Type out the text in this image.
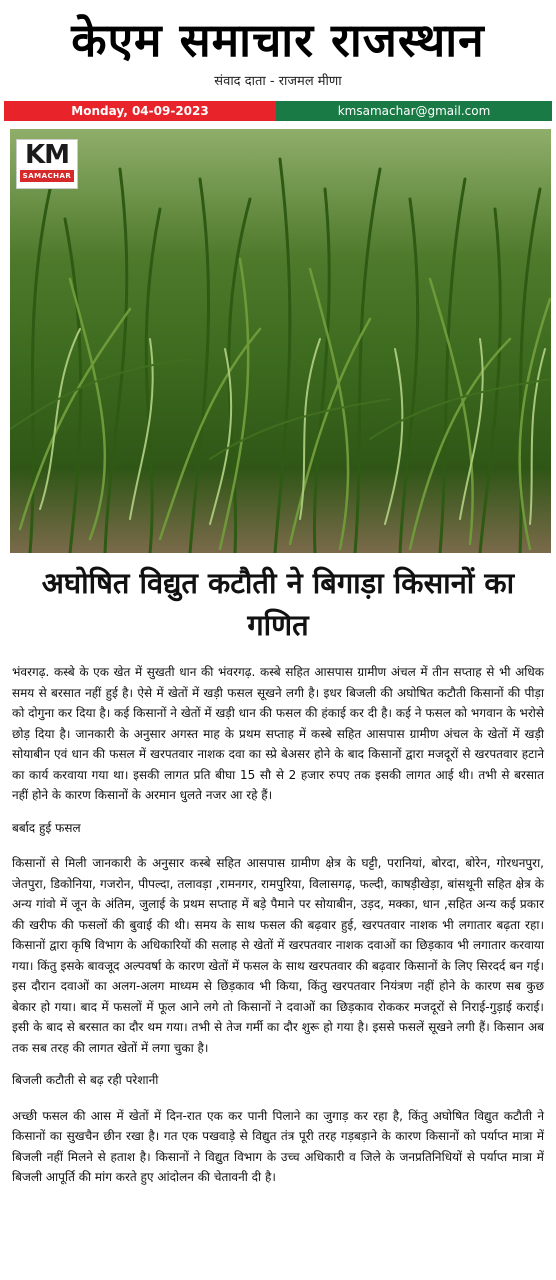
केएम समाचार राजस्थान
संवाद दाता - राजमल मीणा
Monday, 04-09-2023	kmsamachar@gmail.com
KM
SAMACHAR
अघोषित विद्युत कटौती ने बिगाड़ा किसानों का गणित

भंवरगढ़. कस्बे के एक खेत में सुखती धान की भंवरगढ़. कस्बे सहित आसपास ग्रामीण अंचल में तीन सप्ताह से भी अधिक समय से बरसात नहीं हुई है। ऐसे में खेतों में खड़ी फसल सूखने लगी है। इधर बिजली की अघोषित कटौती किसानों की पीड़ा को दोगुना कर दिया है। कई किसानों ने खेतों में खड़ी धान की फसल की हंकाई कर दी है। कई ने फसल को भगवान के भरोसे छोड़ दिया है। जानकारी के अनुसार अगस्त माह के प्रथम सप्ताह में कस्बे सहित आसपास ग्रामीण अंचल के खेतों में खड़ी सोयाबीन एवं धान की फसल में खरपतवार नाशक दवा का स्प्रे बेअसर होने के बाद किसानों द्वारा मजदूरों से खरपतवार हटाने का कार्य करवाया गया था। इसकी लागत प्रति बीघा 15 सौ से 2 हजार रुपए तक इसकी लागत आई थी। तभी से बरसात नहीं होने के कारण किसानों के अरमान धुलते नजर आ रहे हैं।

बर्बाद हुई फसल

किसानों से मिली जानकारी के अनुसार कस्बे सहित आसपास ग्रामीण क्षेत्र के घट्टी, परानियां, बोरदा, बोरेन, गोरधनपुरा, जेतपुरा, डिकोनिया, गजरोन, पीपल्दा, तलावड़ा ,रामनगर, रामपुरिया, विलासगढ़, फल्दी, काषड़ीखेड़ा, बांसथूनी सहित क्षेत्र के अन्य गांवो में जून के अंतिम, जुलाई के प्रथम सप्ताह में बड़े पैमाने पर सोयाबीन, उड़द, मक्का, धान ,सहित अन्य कई प्रकार की खरीफ की फसलों की बुवाई की थी। समय के साथ फसल की बढ़वार हुई, खरपतवार नाशक भी लगातार बढ़ता रहा। किसानों द्वारा कृषि विभाग के अधिकारियों की सलाह से खेतों में खरपतवार नाशक दवाओं का छिड़काव भी लगातार करवाया गया। किंतु इसके बावजूद अल्पवर्षा के कारण खेतों में फसल के साथ खरपतवार की बढ़वार किसानों के लिए सिरदर्द बन गई। इस दौरान दवाओं का अलग-अलग माध्यम से छिड़काव भी किया, किंतु खरपतवार नियंत्रण नहीं होने के कारण सब कुछ बेकार हो गया। बाद में फसलों में फूल आने लगे तो किसानों ने दवाओं का छिड़काव रोककर मजदूरों से निराई-गुड़ाई कराई। इसी के बाद से बरसात का दौर थम गया। तभी से तेज गर्मी का दौर शुरू हो गया है। इससे फसलें सूखने लगी हैं। किसान अब तक सब तरह की लागत खेतों में लगा चुका है।

बिजली कटौती से बढ़ रही परेशानी

अच्छी फसल की आस में खेतों में दिन-रात एक कर पानी पिलाने का जुगाड़ कर रहा है, किंतु अघोषित विद्युत कटौती ने किसानों का सुखचैन छीन रखा है। गत एक पखवाड़े से विद्युत तंत्र पूरी तरह गड़बड़ाने के कारण किसानों को पर्याप्त मात्रा में बिजली नहीं मिलने से हताश है। किसानों ने विद्युत विभाग के उच्च अधिकारी व जिले के जनप्रतिनिधियों से पर्याप्त मात्रा में बिजली आपूर्ति की मांग करते हुए आंदोलन की चेतावनी दी है।
